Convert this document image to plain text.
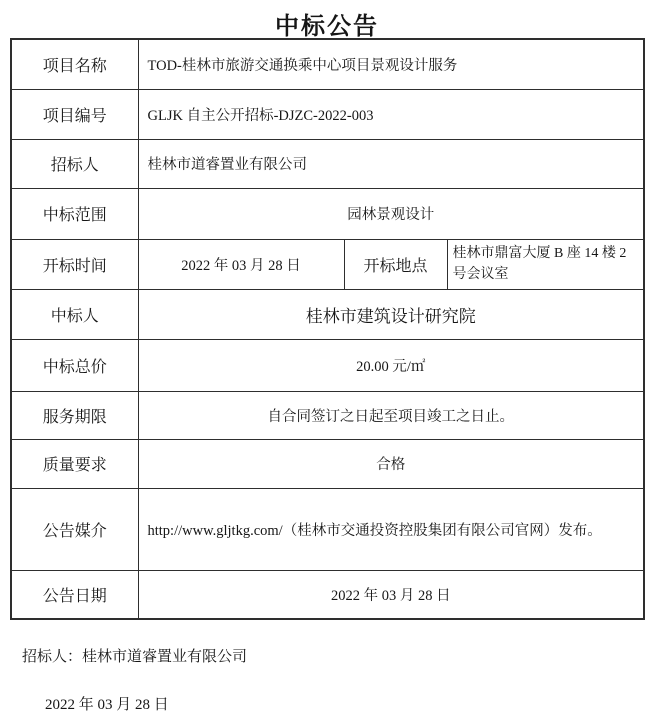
中标公告
项目名称	TOD-桂林市旅游交通换乘中心项目景观设计服务		
项目编号	GLJK 自主公开招标-DJZC-2022-003		
招标人	桂林市道睿置业有限公司		
中标范围	园林景观设计		
开标时间	2022 年 03 月 28 日	开标地点	桂林市鼎富大厦 B 座 14 楼 2 号会议室
中标人	桂林市建筑设计研究院		
中标总价	20.00 元/㎡		
服务期限	自合同签订之日起至项目竣工之日止。		
质量要求	合格		
公告媒介	http://www.gljtkg.com/（桂林市交通投资控股集团有限公司官网）发布。		
公告日期	2022 年 03 月 28 日		
招标人：桂林市道睿置业有限公司
2022 年 03 月 28 日
